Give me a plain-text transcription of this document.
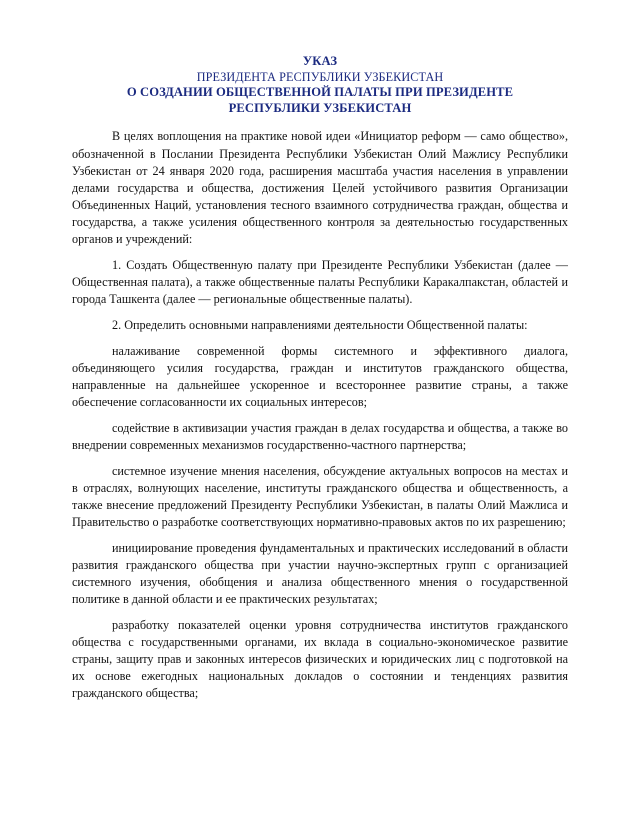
УКАЗ
ПРЕЗИДЕНТА РЕСПУБЛИКИ УЗБЕКИСТАН
О СОЗДАНИИ ОБЩЕСТВЕННОЙ ПАЛАТЫ ПРИ ПРЕЗИДЕНТЕ
РЕСПУБЛИКИ УЗБЕКИСТАН

В целях воплощения на практике новой идеи «Инициатор реформ — само общество», обозначенной в Послании Президента Республики Узбекистан Олий Мажлису Республики Узбекистан от 24 января 2020 года, расширения масштаба участия населения в управлении делами государства и общества, достижения Целей устойчивого развития Организации Объединенных Наций, установления тесного взаимного сотрудничества граждан, общества и государства, а также усиления общественного контроля за деятельностью государственных органов и учреждений:

1. Создать Общественную палату при Президенте Республики Узбекистан (далее — Общественная палата), а также общественные палаты Республики Каракалпакстан, областей и города Ташкента (далее — региональные общественные палаты).

2. Определить основными направлениями деятельности Общественной палаты:

налаживание современной формы системного и эффективного диалога, объединяющего усилия государства, граждан и институтов гражданского общества, направленные на дальнейшее ускоренное и всестороннее развитие страны, а также обеспечение согласованности их социальных интересов;

содействие в активизации участия граждан в делах государства и общества, а также во внедрении современных механизмов государственно-частного партнерства;

системное изучение мнения населения, обсуждение актуальных вопросов на местах и в отраслях, волнующих население, институты гражданского общества и общественность, а также внесение предложений Президенту Республики Узбекистан, в палаты Олий Мажлиса и Правительство о разработке соответствующих нормативно-правовых актов по их разрешению;

инициирование проведения фундаментальных и практических исследований в области развития гражданского общества при участии научно-экспертных групп с организацией системного изучения, обобщения и анализа общественного мнения о государственной политике в данной области и ее практических результатах;

разработку показателей оценки уровня сотрудничества институтов гражданского общества с государственными органами, их вклада в социально-экономическое развитие страны, защиту прав и законных интересов физических и юридических лиц с подготовкой на их основе ежегодных национальных докладов о состоянии и тенденциях развития гражданского общества;
